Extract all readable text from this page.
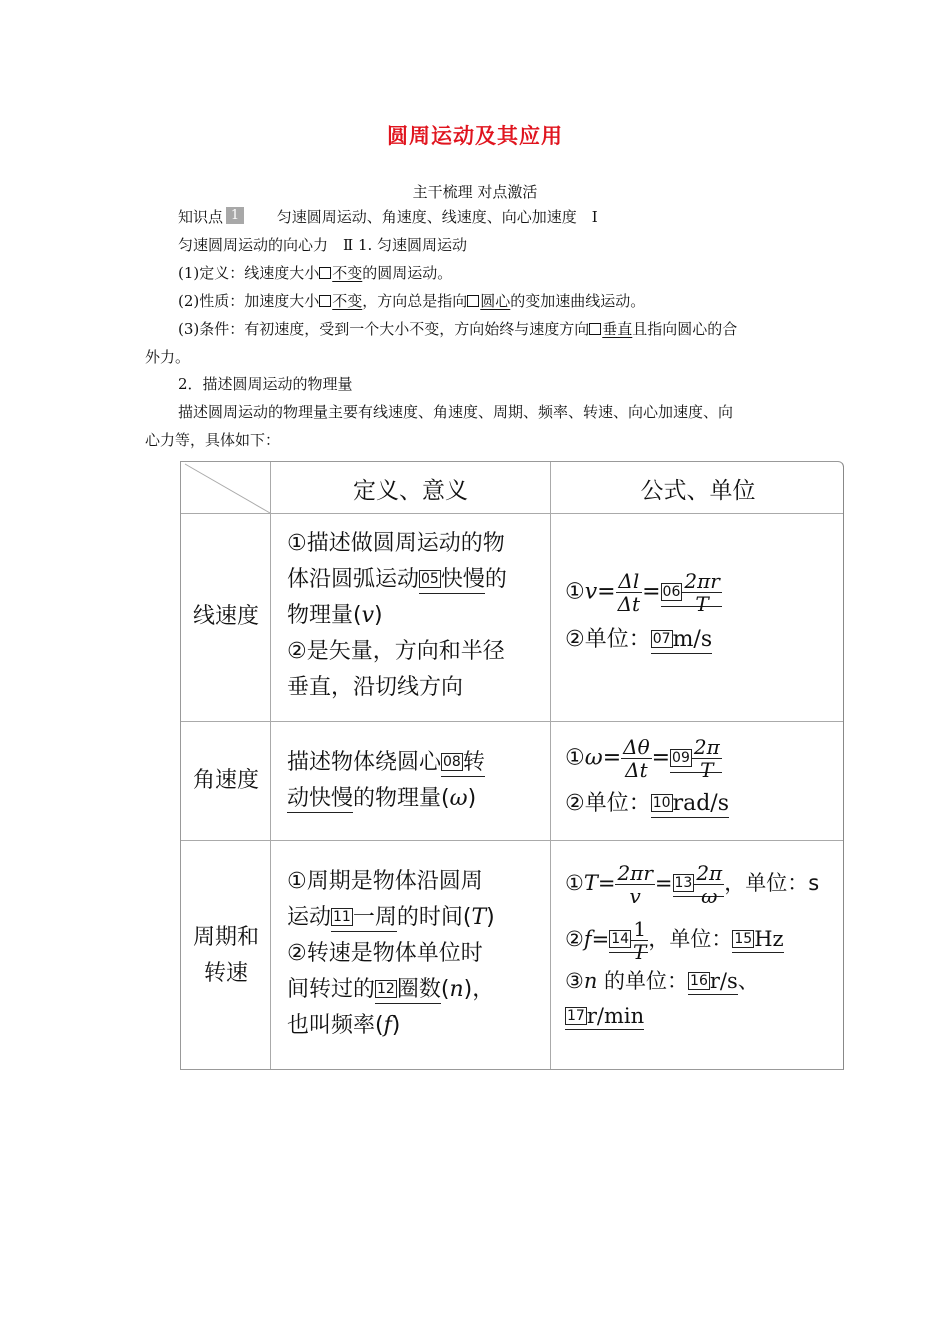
圆周运动及其应用
主干梳理 对点激活
知识点 1	匀速圆周运动、角速度、线速度、向心加速度　Ⅰ
匀速圆周运动的向心力　Ⅱ 1. 匀速圆周运动
(1)定义：线速度大小 不变的圆周运动。
(2)性质：加速度大小 不变，方向总是指向 圆心的变加速曲线运动。
(3)条件：有初速度，受到一个大小不变，方向始终与速度方向 垂直且指向圆心的合
外力。
2．描述圆周运动的物理量
描述圆周运动的物理量主要有线速度、角速度、周期、频率、转速、向心加速度、向
心力等，具体如下：
定义、意义	公式、单位
线速度
①描述做圆周运动的物
体沿圆弧运动 05快慢的
物理量(v)
②是矢量，方向和半径
垂直，沿切线方向
①v= $\frac{\Delta l}{\Delta t} = 06 \frac{2\pi r}{T}$
②单位： 07m/s
角速度
描述物体绕圆心 08转
动快慢的物理量(ω)
①ω= $\frac{\Delta\theta}{\Delta t} = 09 \frac{2\pi}{T}$
②单位： 10rad/s
周期和
转速
①周期是物体沿圆周
运动 11一周的时间(T)
②转速是物体单位时
间转过的 12圈数(n)，
也叫频率(f)
①T= $\frac{2\pi r}{v} = 13 \frac{2\pi}{\omega}$ ，单位：s
②f= $14 \frac{1}{T}$ ，单位： 15Hz
③n 的单位： 16r/s、
17r/min
